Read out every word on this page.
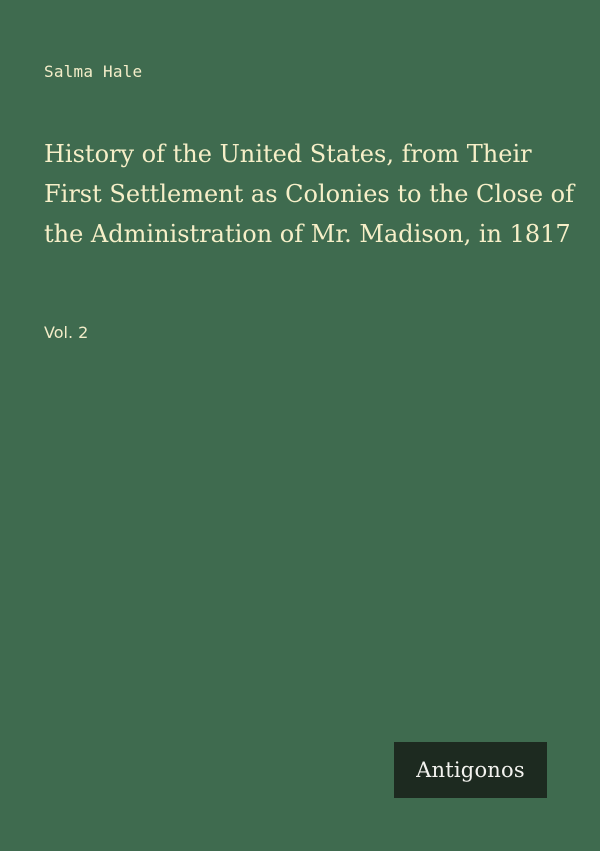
Salma Hale

History of the United States, from Their First Settlement as Colonies to the Close of the Administration of Mr. Madison, in 1817

Vol. 2

Antigonos
